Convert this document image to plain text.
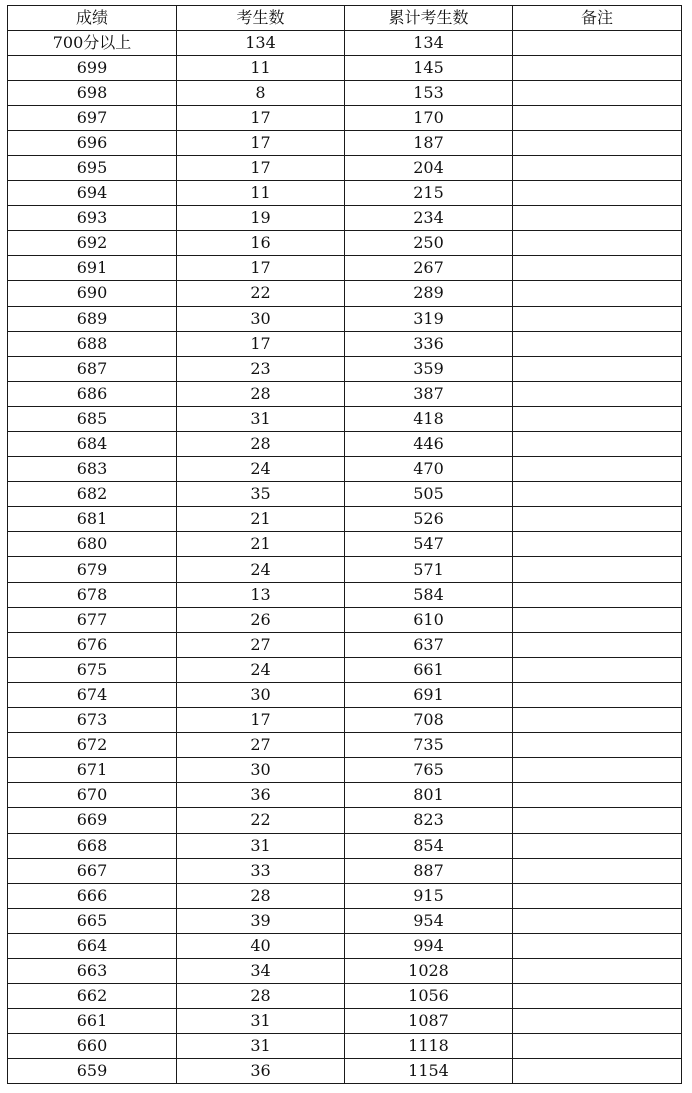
成绩	考生数	累计考生数	备注
700分以上	134	134	
699	11	145	
698	8	153	
697	17	170	
696	17	187	
695	17	204	
694	11	215	
693	19	234	
692	16	250	
691	17	267	
690	22	289	
689	30	319	
688	17	336	
687	23	359	
686	28	387	
685	31	418	
684	28	446	
683	24	470	
682	35	505	
681	21	526	
680	21	547	
679	24	571	
678	13	584	
677	26	610	
676	27	637	
675	24	661	
674	30	691	
673	17	708	
672	27	735	
671	30	765	
670	36	801	
669	22	823	
668	31	854	
667	33	887	
666	28	915	
665	39	954	
664	40	994	
663	34	1028	
662	28	1056	
661	31	1087	
660	31	1118	
659	36	1154	
